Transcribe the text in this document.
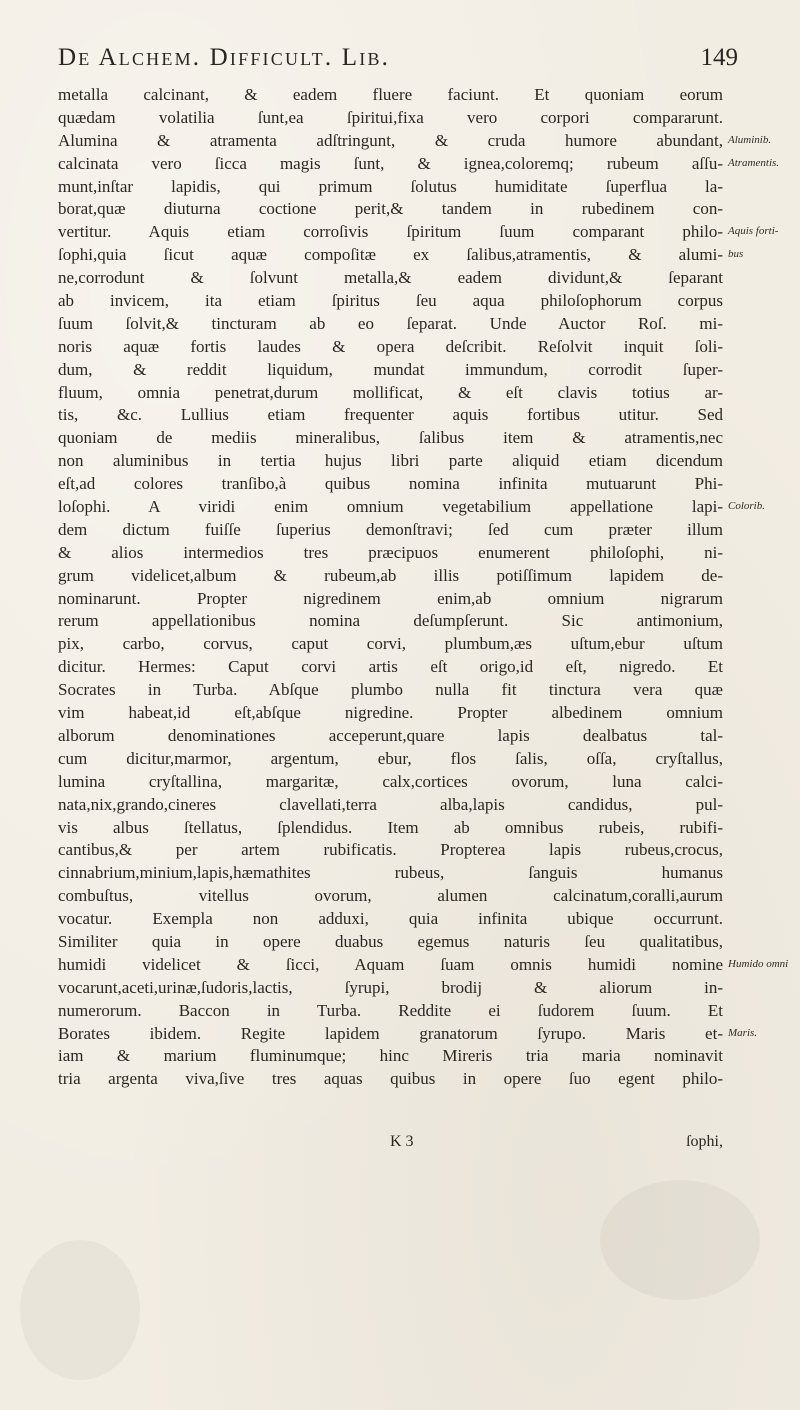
De Alchem. Difficult. Lib.	149
metalla calcinant, & eadem fluere faciunt. Et quoniam eorum
quædam volatilia ſunt,ea ſpiritui,fixa vero corpori compararunt.
Alumina & atramenta adſtringunt, & cruda humore abundant,
calcinata vero ſicca magis ſunt, & ignea,coloremq; rubeum aſſu-
munt,inſtar lapidis, qui primum ſolutus humiditate ſuperflua la-
borat,quæ diuturna coctione perit,& tandem in rubedinem con-
vertitur. Aquis etiam corroſivis ſpiritum ſuum comparant philo-
ſophi,quia ſicut aquæ compoſitæ ex ſalibus,atramentis, & alumi-
ne,corrodunt & ſolvunt metalla,& eadem dividunt,& ſeparant
ab invicem, ita etiam ſpiritus ſeu aqua philoſophorum corpus
ſuum ſolvit,& tincturam ab eo ſeparat. Unde Auctor Roſ. mi-
noris aquæ fortis laudes & opera deſcribit. Reſolvit inquit ſoli-
dum, & reddit liquidum, mundat immundum, corrodit ſuper-
fluum, omnia penetrat,durum mollificat, & eſt clavis totius ar-
tis, &c. Lullius etiam frequenter aquis fortibus utitur. Sed
quoniam de mediis mineralibus, ſalibus item & atramentis,nec
non aluminibus in tertia hujus libri parte aliquid etiam dicendum
eſt,ad colores tranſibo,à quibus nomina infinita mutuarunt Phi-
loſophi. A viridi enim omnium vegetabilium appellatione lapi-
dem dictum fuiſſe ſuperius demonſtravi; ſed cum præter illum
& alios intermedios tres præcipuos enumerent philoſophi, ni-
grum videlicet,album & rubeum,ab illis potiſſimum lapidem de-
nominarunt. Propter nigredinem enim,ab omnium nigrarum
rerum appellationibus nomina deſumpſerunt. Sic antimonium,
pix, carbo, corvus, caput corvi, plumbum,æs uſtum,ebur uſtum
dicitur. Hermes: Caput corvi artis eſt origo,id eſt, nigredo. Et
Socrates in Turba. Abſque plumbo nulla fit tinctura vera quæ
vim habeat,id eſt,abſque nigredine. Propter albedinem omnium
alborum denominationes acceperunt,quare lapis dealbatus tal-
cum dicitur,marmor, argentum, ebur, flos ſalis, oſſa, cryſtallus,
lumina cryſtallina, margaritæ, calx,cortices ovorum, luna calci-
nata,nix,grando,cineres clavellati,terra alba,lapis candidus, pul-
vis albus ſtellatus, ſplendidus. Item ab omnibus rubeis, rubifi-
cantibus,& per artem rubificatis. Propterea lapis rubeus,crocus,
cinnabrium,minium,lapis,hæmathites rubeus, ſanguis humanus
combuſtus, vitellus ovorum, alumen calcinatum,coralli,aurum
vocatur. Exempla non adduxi, quia infinita ubique occurrunt.
Similiter quia in opere duabus egemus naturis ſeu qualitatibus,
humidi videlicet & ſicci, Aquam ſuam omnis humidi nomine
vocarunt,aceti,urinæ,ſudoris,lactis, ſyrupi, brodij & aliorum in-
numerorum. Baccon in Turba. Reddite ei ſudorem ſuum. Et
Borates ibidem. Regite lapidem granatorum ſyrupo. Maris et-
iam & marium fluminumque; hinc Mireris tria maria nominavit
tria argenta viva,ſive tres aquas quibus in opere ſuo egent philo-
Aluminib.
Atramentis.
Aquis forti-
bus
Colorib.
Humido omni
Maris.
K 3	ſophi,
